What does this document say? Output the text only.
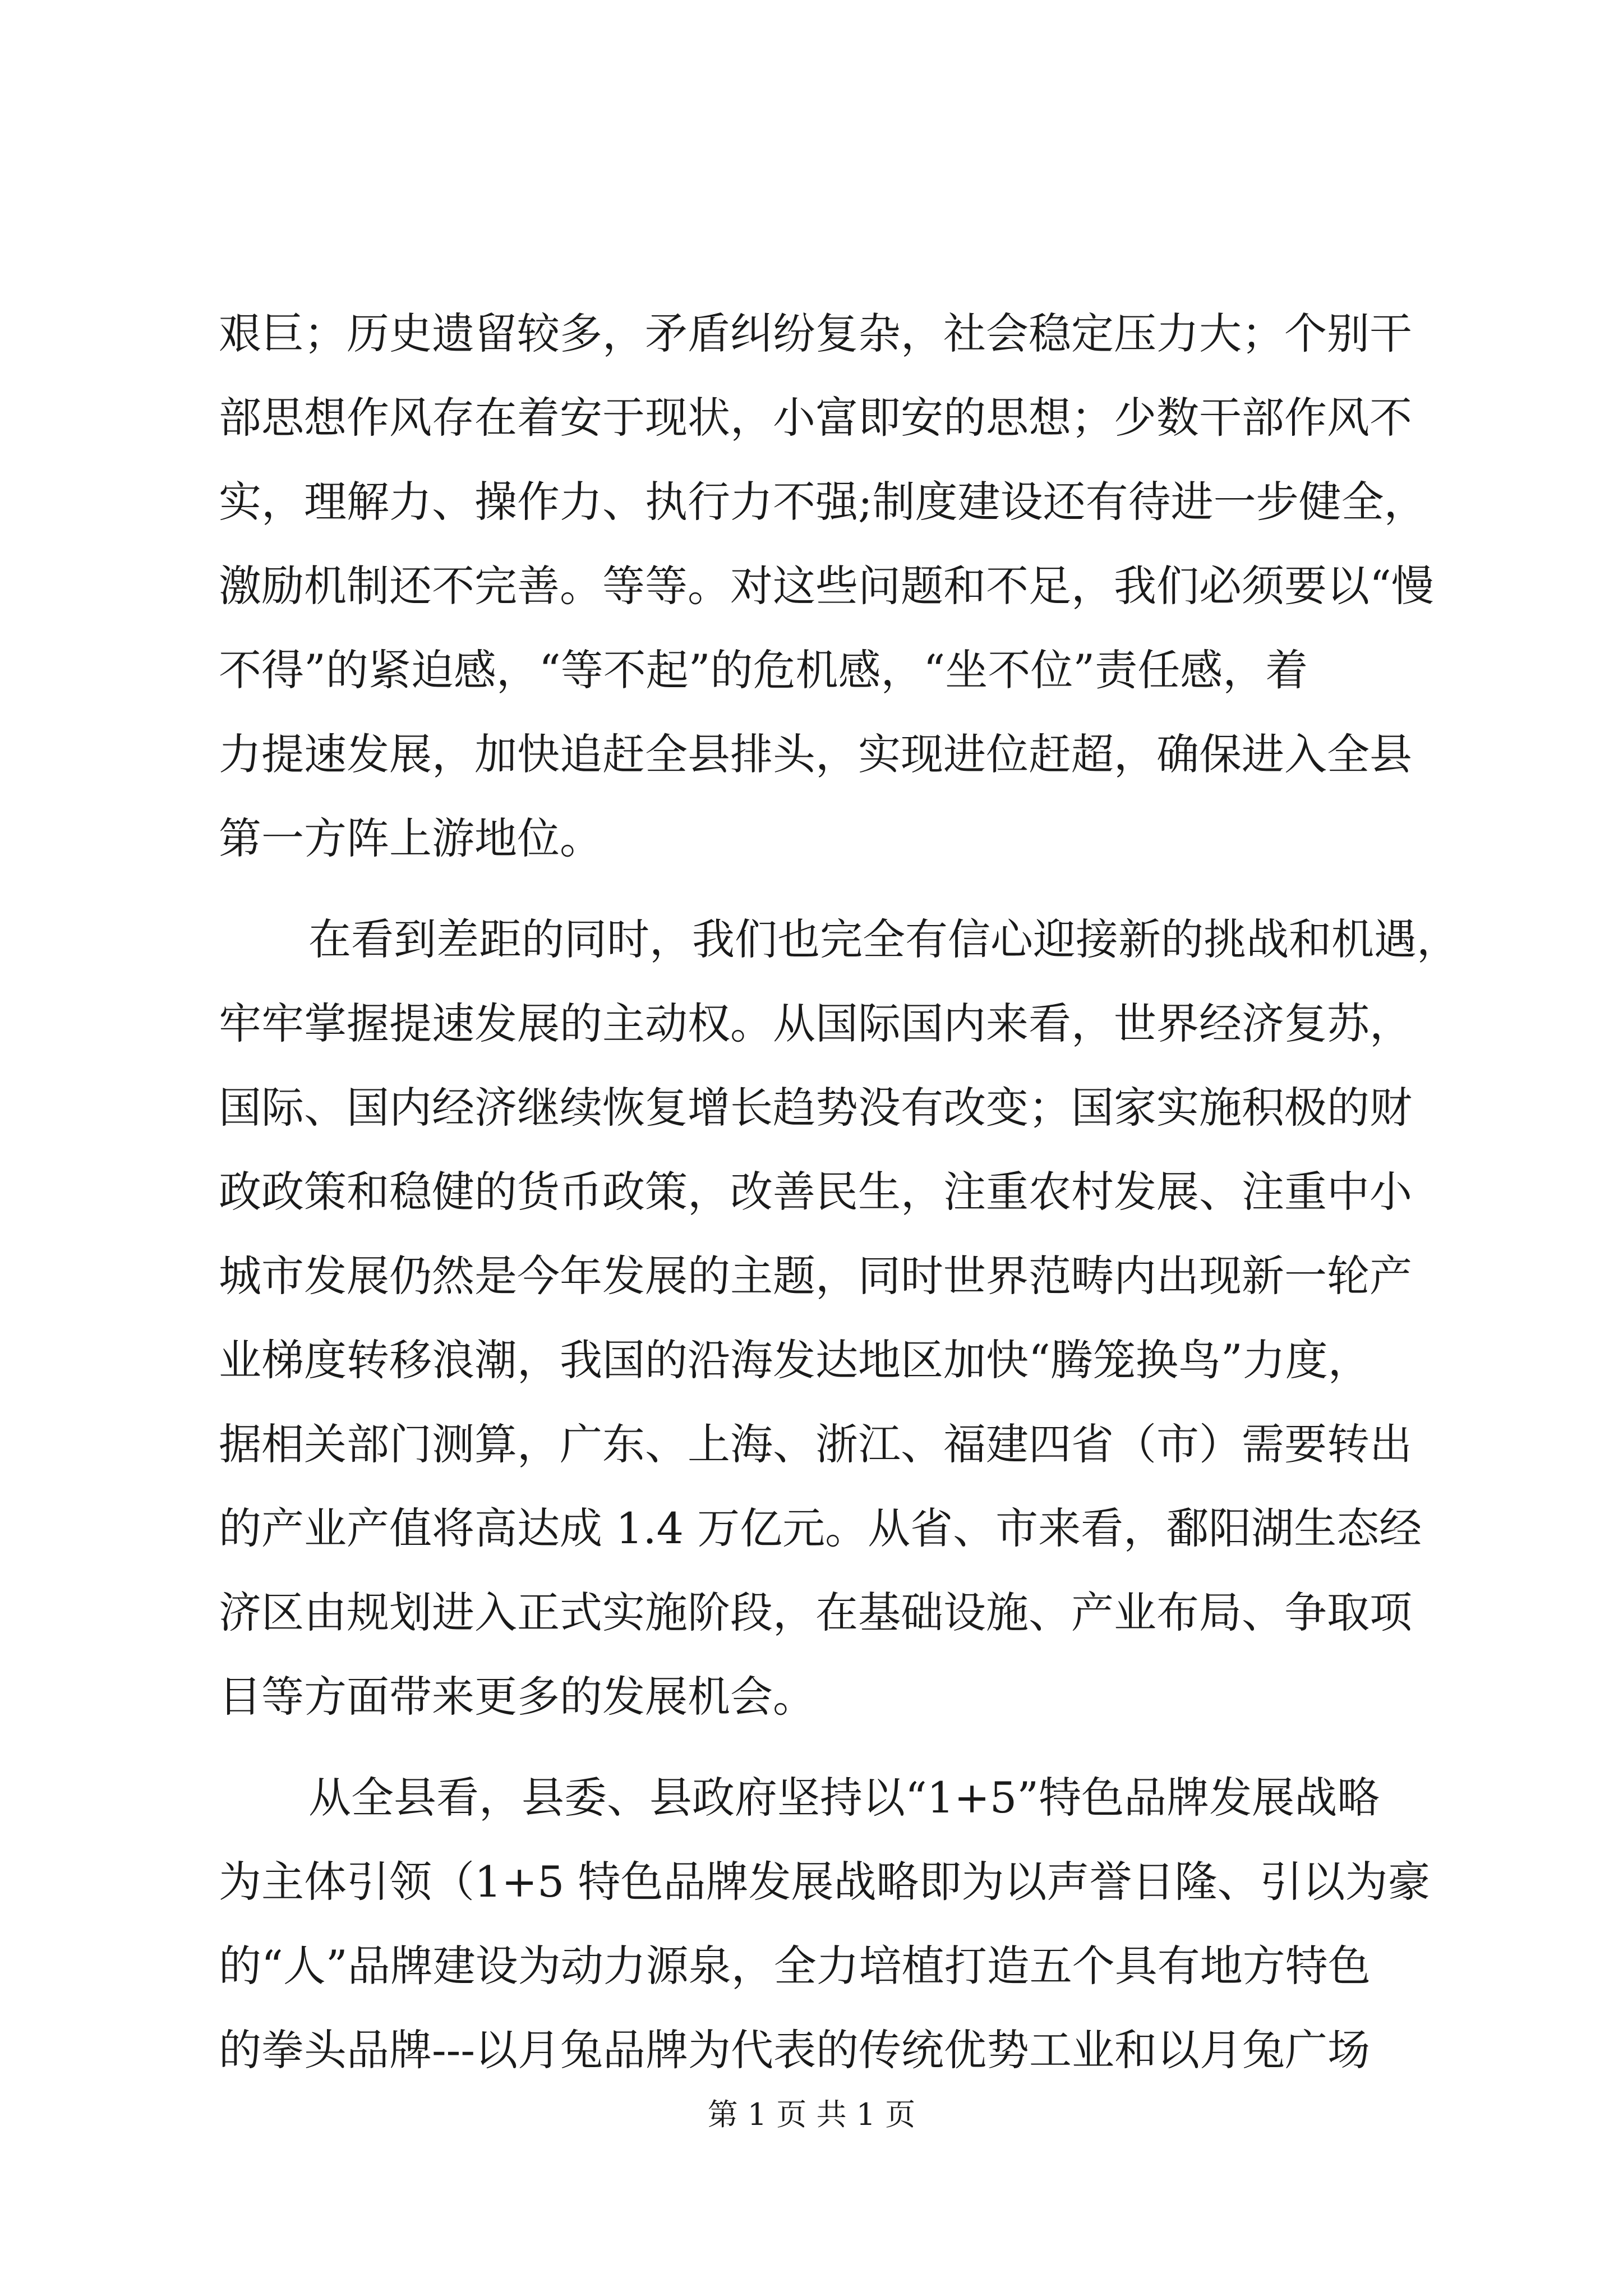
艰巨；历史遗留较多，矛盾纠纷复杂，社会稳定压力大；个别干
部思想作风存在着安于现状，小富即安的思想；少数干部作风不
实，理解力、操作力、执行力不强;制度建设还有待进一步健全，
激励机制还不完善。等等。对这些问题和不足，我们必须要以“慢
不得”的紧迫感，“等不起”的危机感，“坐不位”责任感，着
力提速发展，加快追赶全县排头，实现进位赶超，确保进入全县
第一方阵上游地位。
在看到差距的同时，我们也完全有信心迎接新的挑战和机遇，
牢牢掌握提速发展的主动权。从国际国内来看，世界经济复苏，
国际、国内经济继续恢复增长趋势没有改变；国家实施积极的财
政政策和稳健的货币政策，改善民生，注重农村发展、注重中小
城市发展仍然是今年发展的主题，同时世界范畴内出现新一轮产
业梯度转移浪潮，我国的沿海发达地区加快“腾笼换鸟”力度，
据相关部门测算，广东、上海、浙江、福建四省（市）需要转出
的产业产值将高达成 1.4 万亿元。从省、市来看，鄱阳湖生态经
济区由规划进入正式实施阶段，在基础设施、产业布局、争取项
目等方面带来更多的发展机会。
从全县看，县委、县政府坚持以“1+5”特色品牌发展战略
为主体引领（1+5 特色品牌发展战略即为以声誉日隆、引以为豪
的“人”品牌建设为动力源泉，全力培植打造五个具有地方特色
的拳头品牌---以月兔品牌为代表的传统优势工业和以月兔广场
第 1 页 共 1 页
